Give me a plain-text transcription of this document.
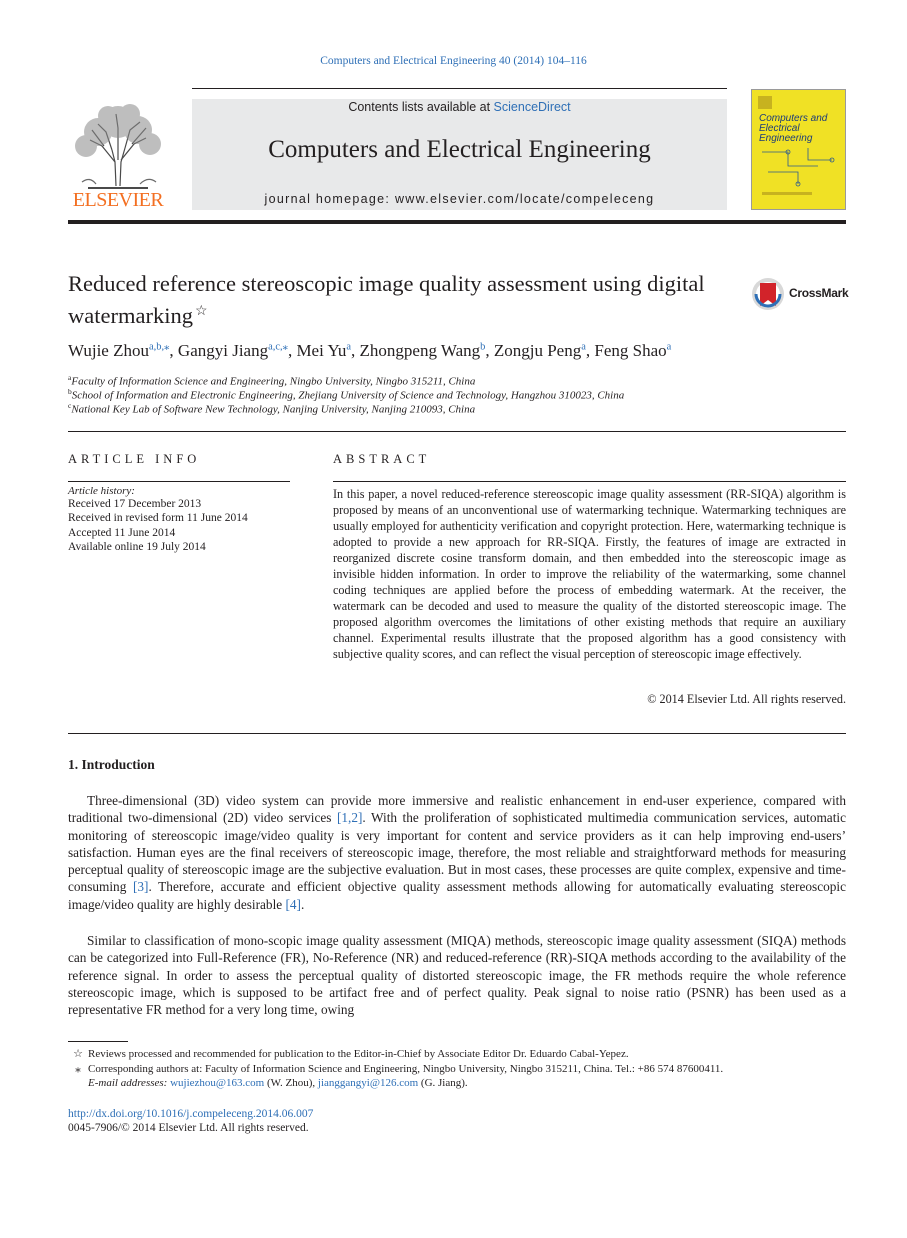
Computers and Electrical Engineering 40 (2014) 104–116
Contents lists available at ScienceDirect
Computers and Electrical Engineering
journal homepage: www.elsevier.com/locate/compeleceng
ELSEVIER
Computers and Electrical Engineering
Reduced reference stereoscopic image quality assessment using digital watermarking ☆
CrossMark
Wujie Zhou$^{a,b,⁎}$, Gangyi Jiang$^{a,c,⁎}$, Mei Yu$^a$, Zhongpeng Wang$^b$, Zongju Peng$^a$, Feng Shao$^a$
$^a$Faculty of Information Science and Engineering, Ningbo University, Ningbo 315211, China
$^b$School of Information and Electronic Engineering, Zhejiang University of Science and Technology, Hangzhou 310023, China
$^c$National Key Lab of Software New Technology, Nanjing University, Nanjing 210093, China
ARTICLE INFO
Article history:
Received 17 December 2013
Received in revised form 11 June 2014
Accepted 11 June 2014
Available online 19 July 2014
ABSTRACT
In this paper, a novel reduced-reference stereoscopic image quality assessment (RR-SIQA) algorithm is proposed by means of an unconventional use of watermarking technique. Watermarking techniques are usually employed for authenticity verification and copyright protection. Here, watermarking technique is adopted to provide a new approach for RR-SIQA. Firstly, the features of image are extracted in reorganized discrete cosine transform domain, and then embedded into the stereoscopic image as invisible hidden information. In order to improve the reliability of the watermarking, some channel coding techniques are applied before the process of embedding watermark. At the receiver, the watermark can be decoded and used to measure the quality of the distorted stereoscopic image. The proposed algorithm overcomes the limitations of other existing methods that require an auxiliary channel. Experimental results illustrate that the proposed algorithm has a good consistency with subjective quality scores, and can reflect the visual perception of stereoscopic image effectively.
© 2014 Elsevier Ltd. All rights reserved.
1. Introduction
Three-dimensional (3D) video system can provide more immersive and realistic enhancement in end-user experience, compared with traditional two-dimensional (2D) video services [1,2]. With the proliferation of sophisticated multimedia communication services, automatic monitoring of stereoscopic image/video quality is very important for content and service providers as it can help improving end-users’ satisfaction. Human eyes are the final receivers of stereoscopic image, therefore, the most reliable and straightforward methods for measuring perceptual quality of stereoscopic image are the subjective evaluation. But in most cases, these processes are quite complex, expensive and time-consuming [3]. Therefore, accurate and efficient objective quality assessment methods allowing for automatically evaluating stereoscopic image/video quality are highly desirable [4].
Similar to classification of mono-scopic image quality assessment (MIQA) methods, stereoscopic image quality assessment (SIQA) methods can be categorized into Full-Reference (FR), No-Reference (NR) and reduced-reference (RR)-SIQA methods according to the availability of the reference signal. In order to assess the perceptual quality of distorted stereoscopic image, the FR methods require the whole reference stereoscopic image, which is supposed to be artifact free and of perfect quality. Peak signal to noise ratio (PSNR) has been used as a representative FR method for a very long time, owing
☆ Reviews processed and recommended for publication to the Editor-in-Chief by Associate Editor Dr. Eduardo Cabal-Yepez.
⁎ Corresponding authors at: Faculty of Information Science and Engineering, Ningbo University, Ningbo 315211, China. Tel.: +86 574 87600411.
E-mail addresses: wujiezhou@163.com (W. Zhou), jianggangyi@126.com (G. Jiang).
http://dx.doi.org/10.1016/j.compeleceng.2014.06.007
0045-7906/© 2014 Elsevier Ltd. All rights reserved.
